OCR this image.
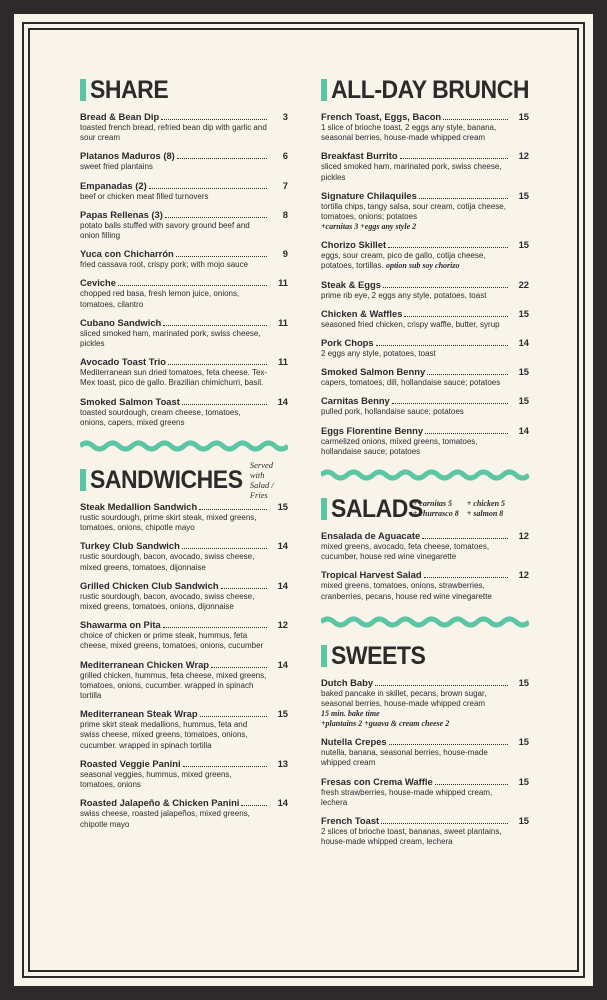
SHARE
Bread & Bean Dip	3
toasted french bread, refried bean dip with garlic and sour cream
Platanos Maduros (8)	6
sweet fried plantains
Empanadas (2)	7
beef or chicken meat filled turnovers
Papas Rellenas (3)	8
potato balls stuffed with savory ground beef and onion filling
Yuca con Chicharrón	9
fried cassava root, crispy pork; with mojo sauce
Ceviche	11
chopped red basa, fresh lemon juice, onions, tomatoes, cilantro
Cubano Sandwich	11
sliced smoked ham, marinated pork, swiss cheese, pickles
Avocado Toast Trio	11
Mediterranean sun dried tomatoes, feta cheese. Tex-Mex toast, pico de gallo. Brazilian chimichurri, basil.
Smoked Salmon Toast	14
toasted sourdough, cream cheese, tomatoes, onions, capers, mixed greens
SANDWICHES
Served with
Salad / Fries
Steak Medallion Sandwich	15
rustic sourdough, prime skirt steak, mixed greens, tomatoes, onions, chipotle mayo
Turkey Club Sandwich	14
rustic sourdough, bacon, avocado, swiss cheese, mixed greens, tomatoes, dijonnaise
Grilled Chicken Club Sandwich	14
rustic sourdough, bacon, avocado, swiss cheese, mixed greens, tomatoes, onions, dijonnaise
Shawarma on Pita	12
choice of chicken or prime steak, hummus, feta cheese, mixed greens, tomatoes, onions, cucumber
Mediterranean Chicken Wrap	14
grilled chicken, hummus, feta cheese, mixed greens, tomatoes, onions, cucumber. wrapped in spinach tortilla
Mediterranean Steak Wrap	15
prime skirt steak medallions, hummus, feta and swiss cheese, mixed greens, tomatoes, onions, cucumber. wrapped in spinach tortilla
Roasted Veggie Panini	13
seasonal veggies, hummus, mixed greens, tomatoes, onions
Roasted Jalapeño & Chicken Panini	14
swiss cheese, roasted jalapeños, mixed greens, chipotle mayo
ALL-DAY BRUNCH
French Toast, Eggs, Bacon	15
1 slice of brioche toast, 2 eggs any style, banana, seasonal berries, house-made whipped cream
Breakfast Burrito	12
sliced smoked ham, marinated pork, swiss cheese, pickles
Signature Chilaquiles	15
tortilla chips, tangy salsa, sour cream, cotija cheese, tomatoes, onions; potatoes
+carnitas 3 +eggs any style 2
Chorizo Skillet	15
eggs, sour cream, pico de gallo, cotija cheese, potatoes, tortillas. option sub soy chorizo
Steak & Eggs	22
prime rib eye, 2 eggs any style, potatoes, toast
Chicken & Waffles	15
seasoned fried chicken, crispy waffle, butter, syrup
Pork Chops	14
2 eggs any style, potatoes, toast
Smoked Salmon Benny	15
capers, tomatoes, dill, hollandaise sauce; potatoes
Carnitas Benny	15
pulled pork, hollandaise sauce; potatoes
Eggs Florentine Benny	14
carmelized onions, mixed greens, tomatoes, hollandaise sauce; potatoes
SALADS
+ carnitas 5	+ chicken 5
+ churrasco 8 + salmon 8
Ensalada de Aguacate	12
mixed greens, avocado, feta cheese, tomatoes, cucumber, house red wine vinegarette
Tropical Harvest Salad	12
mixed greens, tomatoes, onions, strawberries, cranberries, pecans, house red wine vinegarette
SWEETS
Dutch Baby	15
baked pancake in skillet, pecans, brown sugar, seasonal berries, house-made whipped cream
15 min. bake time
+plantains 2 +guava & cream cheese 2
Nutella Crepes	15
nutella, banana, seasonal berries, house-made whipped cream
Fresas con Crema Waffle	15
fresh strawberries, house-made whipped cream, lechera
French Toast	15
2 slices of brioche toast, bananas, sweet plantains, house-made whipped cream, lechera
